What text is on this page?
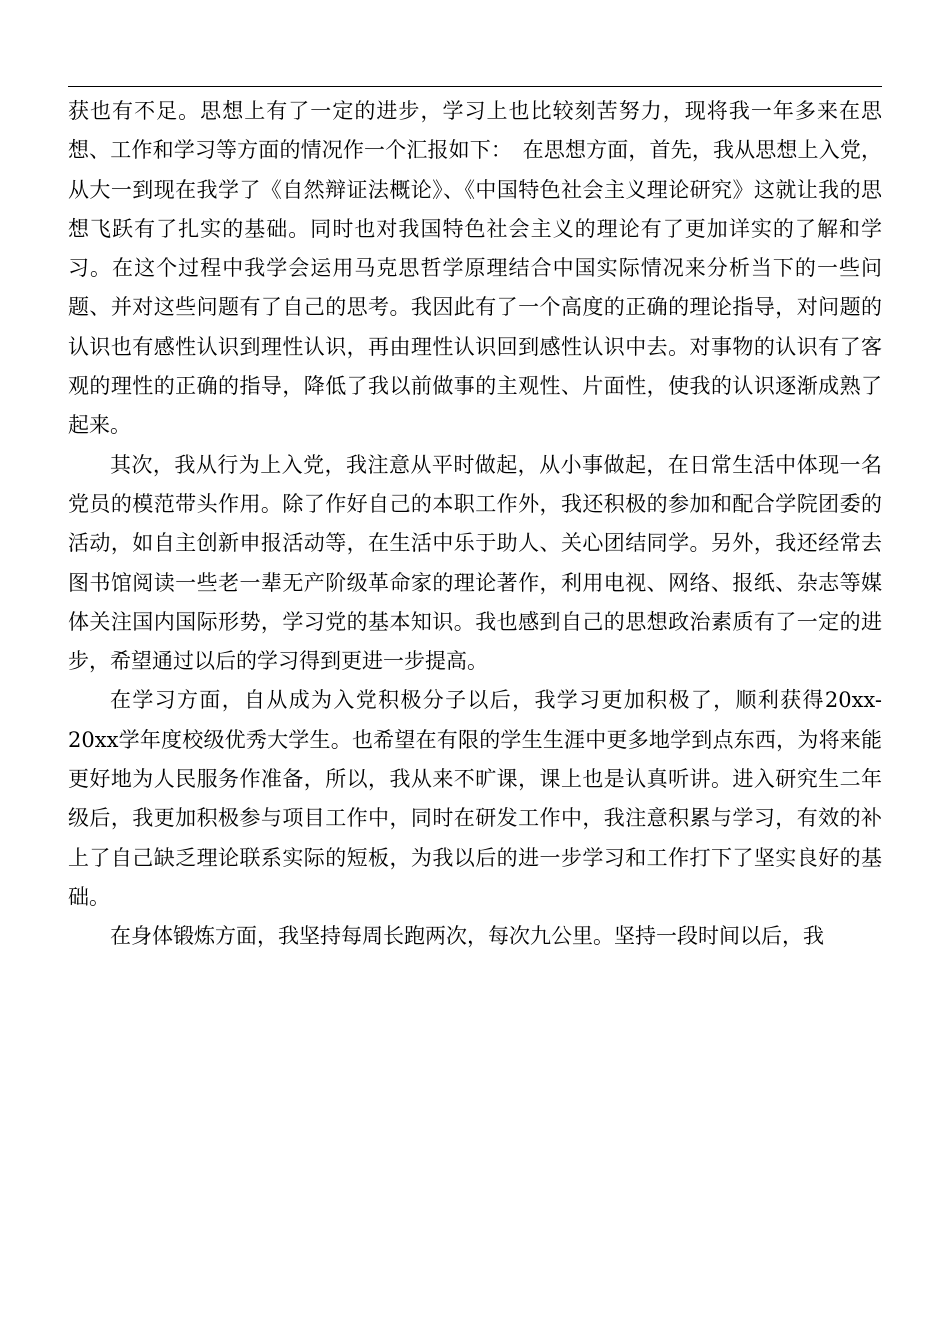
获也有不足。思想上有了一定的进步，学习上也比较刻苦努力，现将我一年多来在思想、工作和学习等方面的情况作一个汇报如下：　在思想方面，首先，我从思想上入党，从大一到现在我学了《自然辩证法概论》、《中国特色社会主义理论研究》这就让我的思想飞跃有了扎实的基础。同时也对我国特色社会主义的理论有了更加详实的了解和学习。在这个过程中我学会运用马克思哲学原理结合中国实际情况来分析当下的一些问题、并对这些问题有了自己的思考。我因此有了一个高度的正确的理论指导，对问题的认识也有感性认识到理性认识，再由理性认识回到感性认识中去。对事物的认识有了客观的理性的正确的指导，降低了我以前做事的主观性、片面性，使我的认识逐渐成熟了起来。

其次，我从行为上入党，我注意从平时做起，从小事做起，在日常生活中体现一名党员的模范带头作用。除了作好自己的本职工作外，我还积极的参加和配合学院团委的活动，如自主创新申报活动等，在生活中乐于助人、关心团结同学。另外，我还经常去图书馆阅读一些老一辈无产阶级革命家的理论著作，利用电视、网络、报纸、杂志等媒体关注国内国际形势，学习党的基本知识。我也感到自己的思想政治素质有了一定的进步，希望通过以后的学习得到更进一步提高。

在学习方面，自从成为入党积极分子以后，我学习更加积极了，顺利获得20xx-20xx学年度校级优秀大学生。也希望在有限的学生生涯中更多地学到点东西，为将来能更好地为人民服务作准备，所以，我从来不旷课，课上也是认真听讲。进入研究生二年级后，我更加积极参与项目工作中，同时在研发工作中，我注意积累与学习，有效的补上了自己缺乏理论联系实际的短板，为我以后的进一步学习和工作打下了坚实良好的基础。

在身体锻炼方面，我坚持每周长跑两次，每次九公里。坚持一段时间以后，我
